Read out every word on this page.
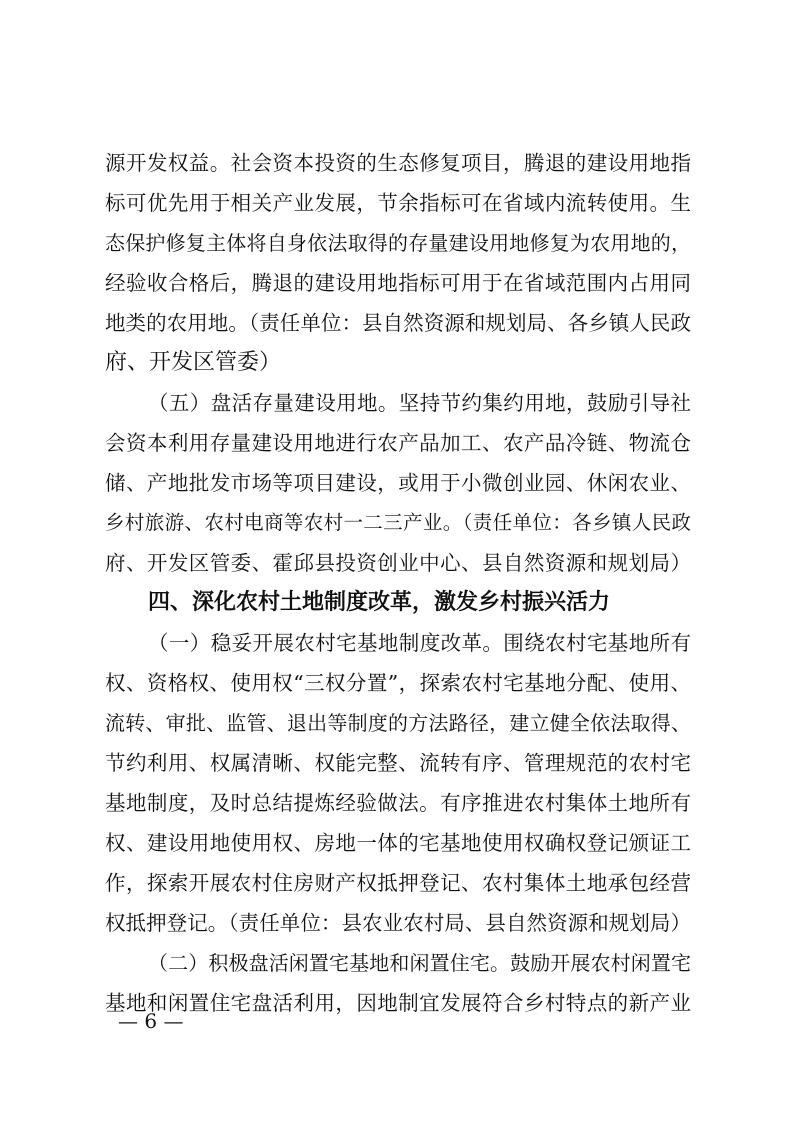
源开发权益。社会资本投资的生态修复项目，腾退的建设用地指
标可优先用于相关产业发展，节余指标可在省域内流转使用。生
态保护修复主体将自身依法取得的存量建设用地修复为农用地的，
经验收合格后，腾退的建设用地指标可用于在省域范围内占用同
地类的农用地。（责任单位：县自然资源和规划局、各乡镇人民政
府、开发区管委）
（五）盘活存量建设用地。坚持节约集约用地，鼓励引导社
会资本利用存量建设用地进行农产品加工、农产品冷链、物流仓
储、产地批发市场等项目建设，或用于小微创业园、休闲农业、
乡村旅游、农村电商等农村一二三产业。（责任单位：各乡镇人民政
府、开发区管委、霍邱县投资创业中心、县自然资源和规划局）
四、深化农村土地制度改革，激发乡村振兴活力
（一）稳妥开展农村宅基地制度改革。围绕农村宅基地所有
权、资格权、使用权“三权分置”，探索农村宅基地分配、使用、
流转、审批、监管、退出等制度的方法路径，建立健全依法取得、
节约利用、权属清晰、权能完整、流转有序、管理规范的农村宅
基地制度，及时总结提炼经验做法。有序推进农村集体土地所有
权、建设用地使用权、房地一体的宅基地使用权确权登记颁证工
作，探索开展农村住房财产权抵押登记、农村集体土地承包经营
权抵押登记。（责任单位：县农业农村局、县自然资源和规划局）
（二）积极盘活闲置宅基地和闲置住宅。鼓励开展农村闲置宅
基地和闲置住宅盘活利用，因地制宜发展符合乡村特点的新产业
— 6 —
